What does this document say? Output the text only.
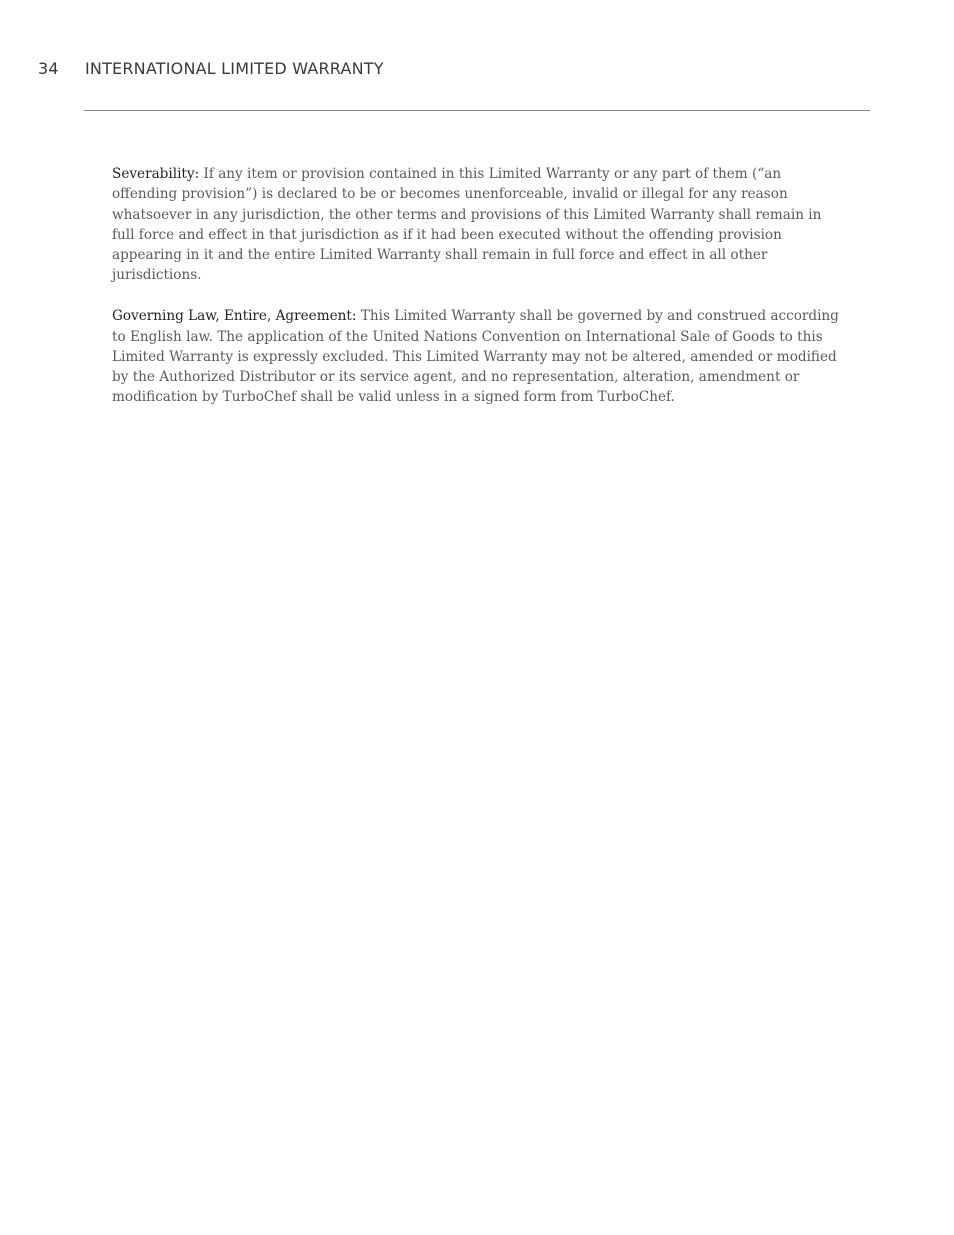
34 INTERNATIONAL LIMITED WARRANTY

Severability: If any item or provision contained in this Limited Warranty or any part of them (“an offending provision”) is declared to be or becomes unenforceable, invalid or illegal for any reason whatsoever in any jurisdiction, the other terms and provisions of this Limited Warranty shall remain in full force and effect in that jurisdiction as if it had been executed without the offending provision appearing in it and the entire Limited Warranty shall remain in full force and effect in all other jurisdictions.

Governing Law, Entire, Agreement: This Limited Warranty shall be governed by and construed according to English law. The application of the United Nations Convention on International Sale of Goods to this Limited Warranty is expressly excluded. This Limited Warranty may not be altered, amended or modified by the Authorized Distributor or its service agent, and no representation, alteration, amendment or modification by TurboChef shall be valid unless in a signed form from TurboChef.
